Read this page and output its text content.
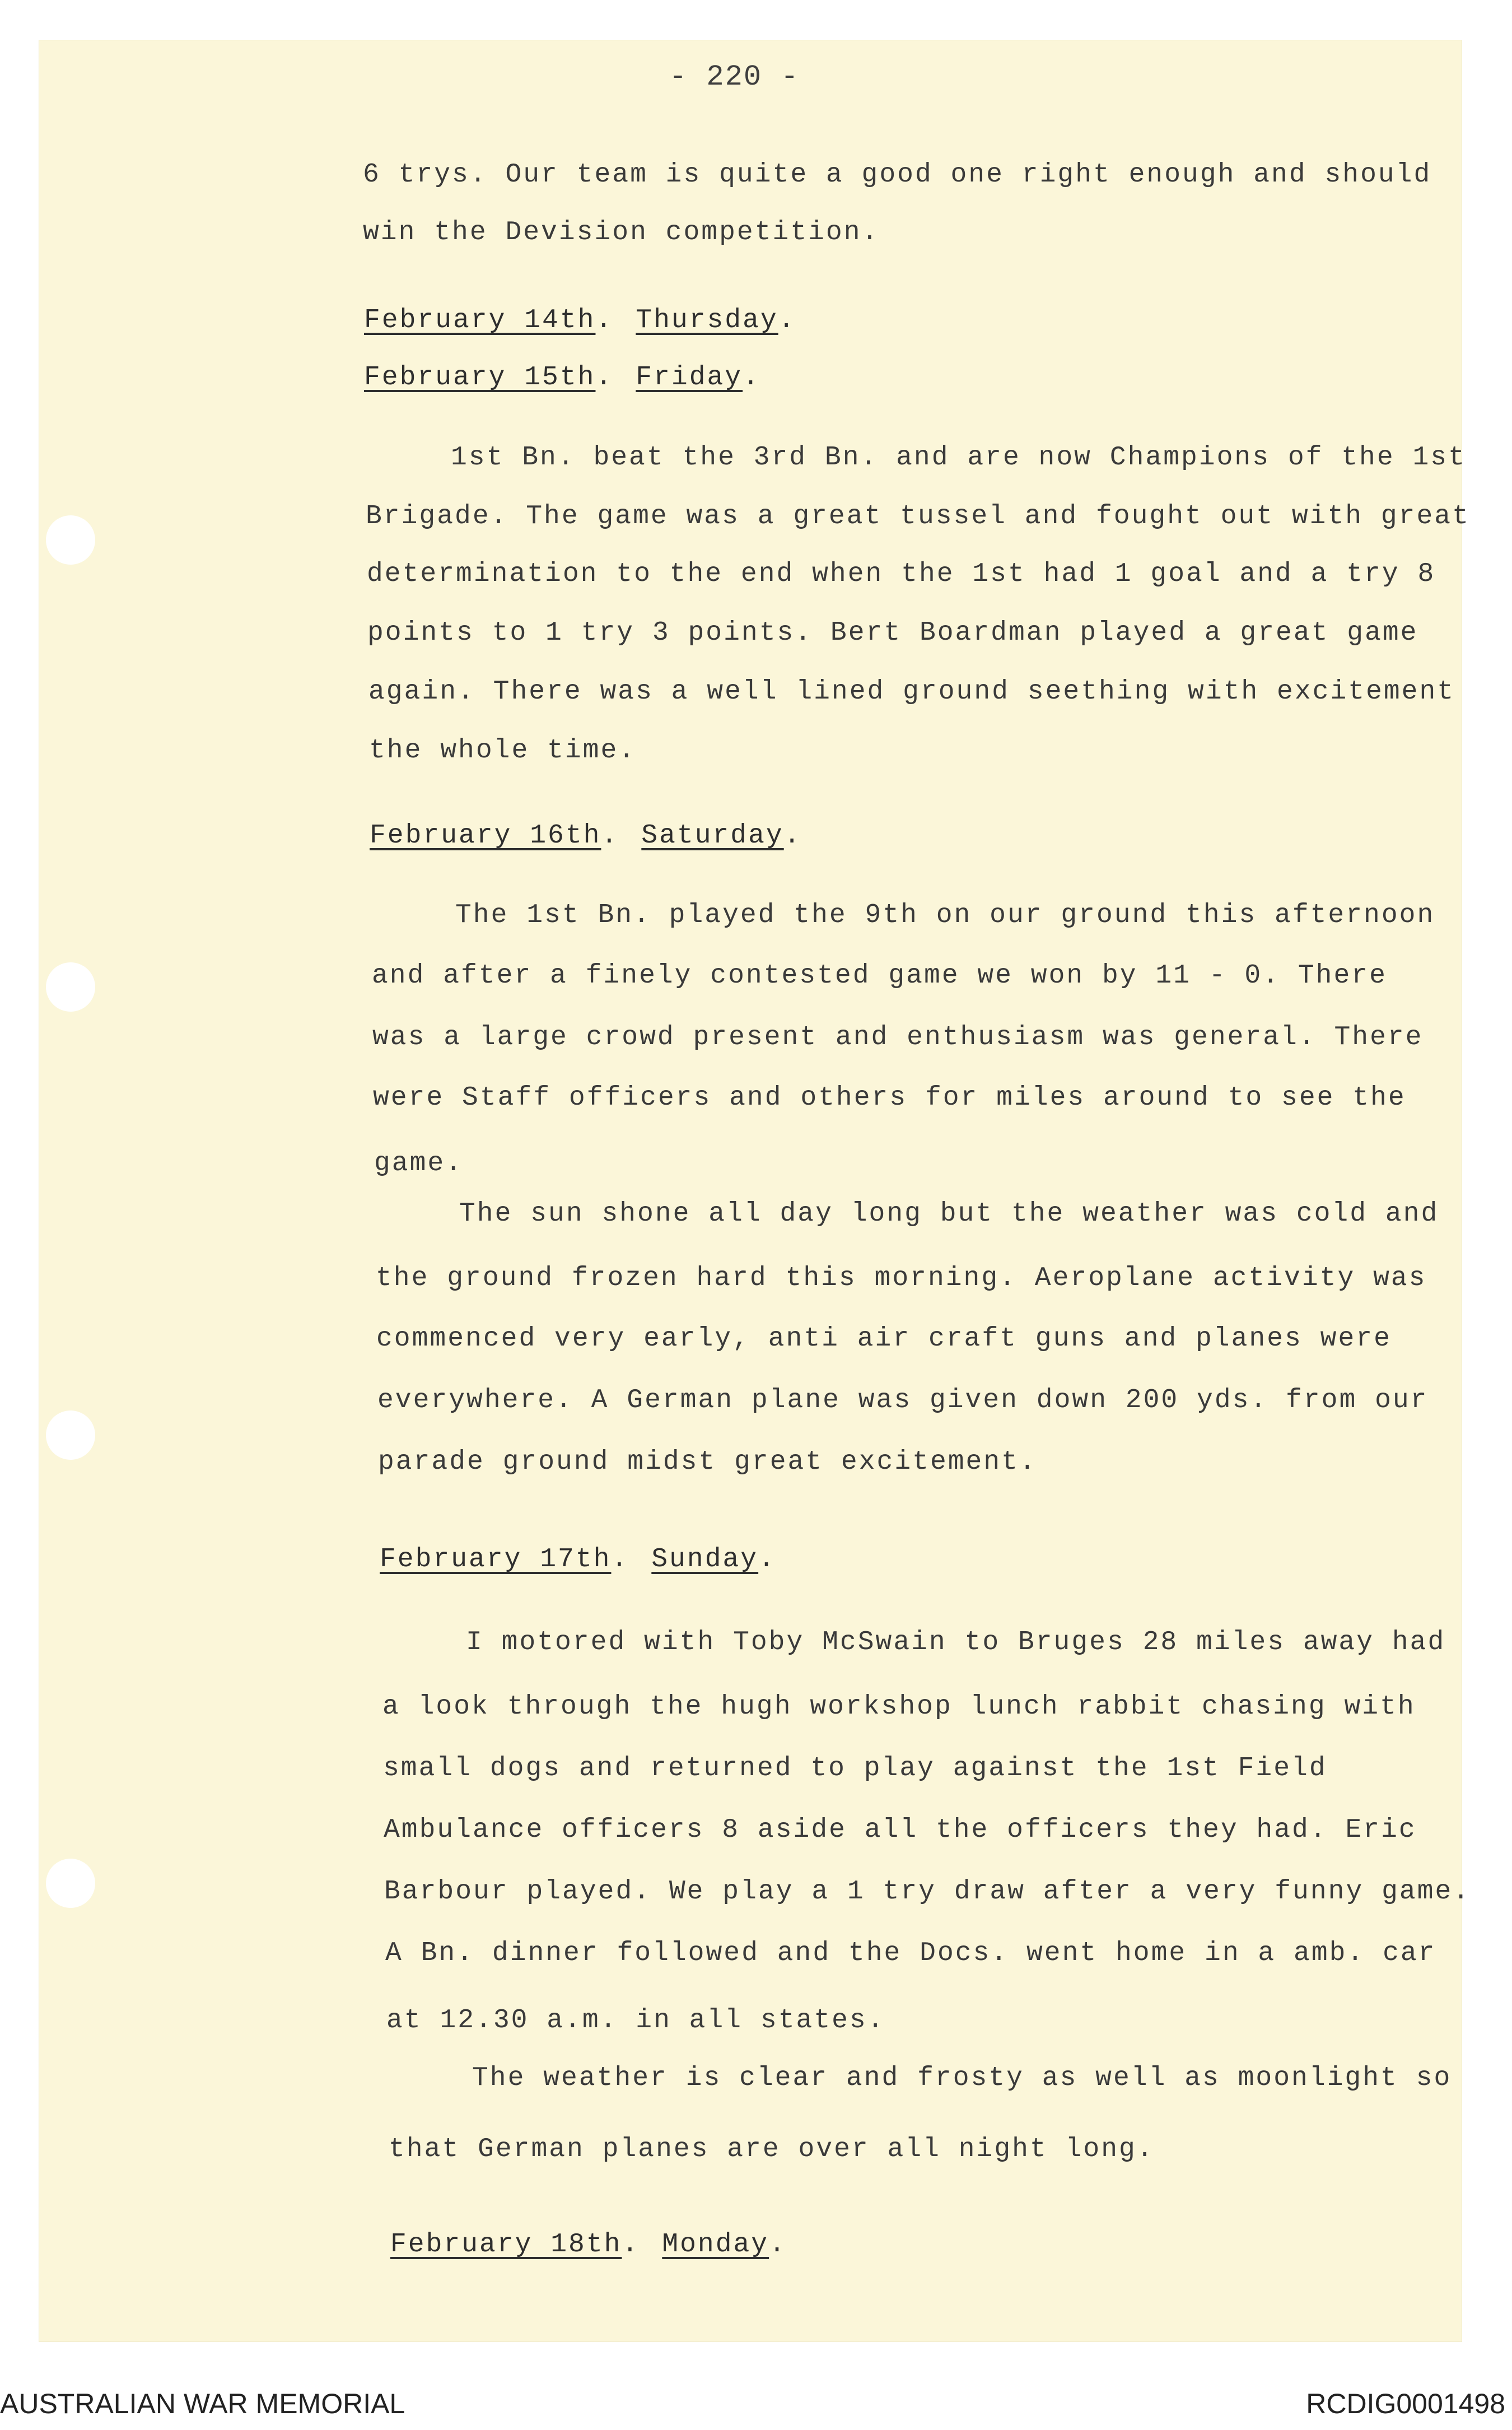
- 220 -
6 trys. Our team is quite a good one right enough and should
win the Devision competition.
February 14th. Thursday.
February 15th. Friday.
1st Bn. beat the 3rd Bn. and are now Champions of the 1st
Brigade. The game was a great tussel and fought out with great
determination to the end when the 1st had 1 goal and a try 8
points to 1 try 3 points. Bert Boardman played a great game
again. There was a well lined ground seething with excitement
the whole time.
February 16th. Saturday.
The 1st Bn. played the 9th on our ground this afternoon
and after a finely contested game we won by 11 - 0. There
was a large crowd present and enthusiasm was general. There
were Staff officers and others for miles around to see the
game.
The sun shone all day long but the weather was cold and
the ground frozen hard this morning. Aeroplane activity was
commenced very early, anti air craft guns and planes were
everywhere. A German plane was given down 200 yds. from our
parade ground midst great excitement.
February 17th. Sunday.
I motored with Toby McSwain to Bruges 28 miles away had
a look through the hugh workshop lunch rabbit chasing with
small dogs and returned to play against the 1st Field
Ambulance officers 8 aside all the officers they had. Eric
Barbour played. We play a 1 try draw after a very funny game.
A Bn. dinner followed and the Docs. went home in a amb. car
at 12.30 a.m. in all states.
The weather is clear and frosty as well as moonlight so
that German planes are over all night long.
February 18th. Monday.
AUSTRALIAN WAR MEMORIAL	RCDIG0001498
